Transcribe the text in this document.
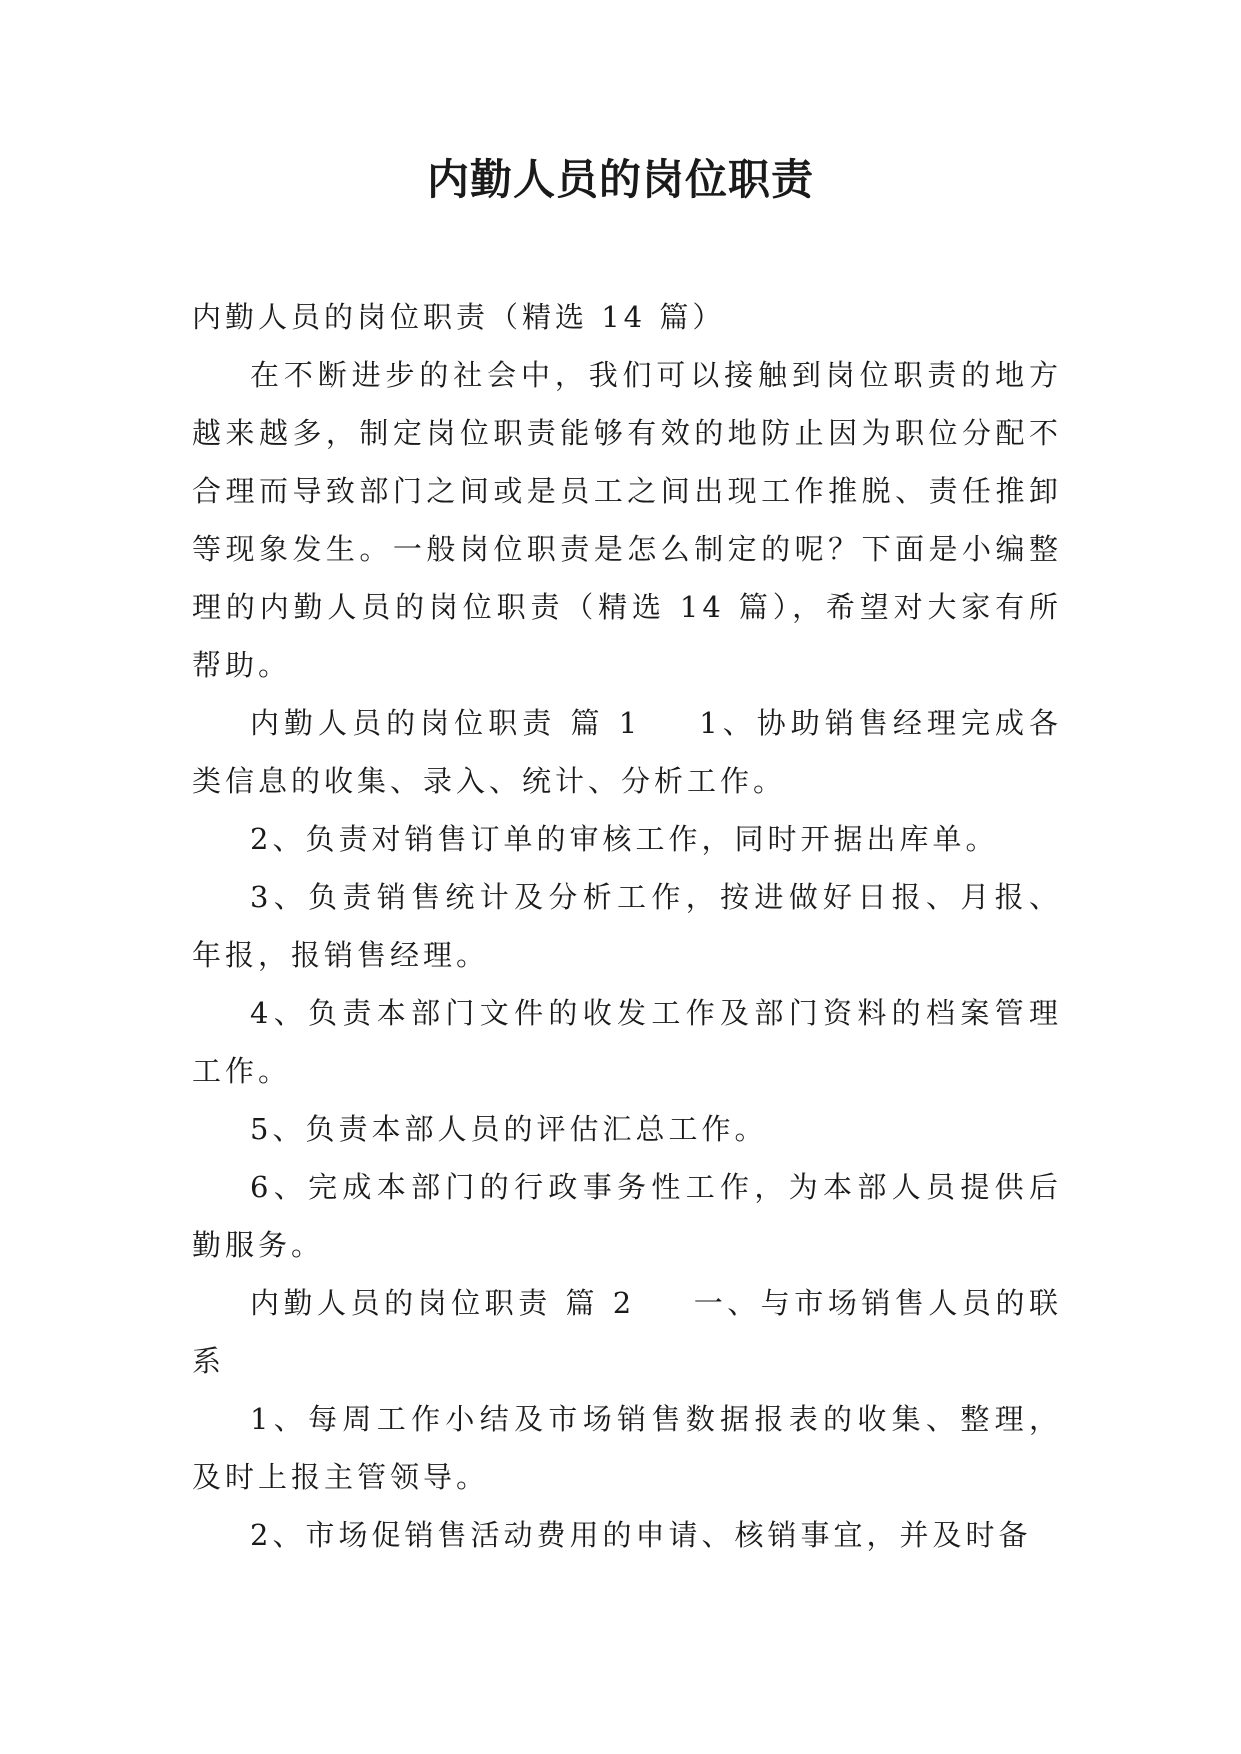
内勤人员的岗位职责

内勤人员的岗位职责（精选 14 篇）

在不断进步的社会中，我们可以接触到岗位职责的地方越来越多，制定岗位职责能够有效的地防止因为职位分配不合理而导致部门之间或是员工之间出现工作推脱、责任推卸等现象发生。一般岗位职责是怎么制定的呢？下面是小编整理的内勤人员的岗位职责（精选 14 篇），希望对大家有所帮助。

内勤人员的岗位职责 篇 1 1、协助销售经理完成各类信息的收集、录入、统计、分析工作。

2、负责对销售订单的审核工作，同时开据出库单。

3、负责销售统计及分析工作，按进做好日报、月报、年报，报销售经理。

4、负责本部门文件的收发工作及部门资料的档案管理工作。

5、负责本部人员的评估汇总工作。

6、完成本部门的行政事务性工作，为本部人员提供后勤服务。

内勤人员的岗位职责 篇 2 一、与市场销售人员的联系

1、每周工作小结及市场销售数据报表的收集、整理，及时上报主管领导。

2、市场促销售活动费用的申请、核销事宜，并及时备
